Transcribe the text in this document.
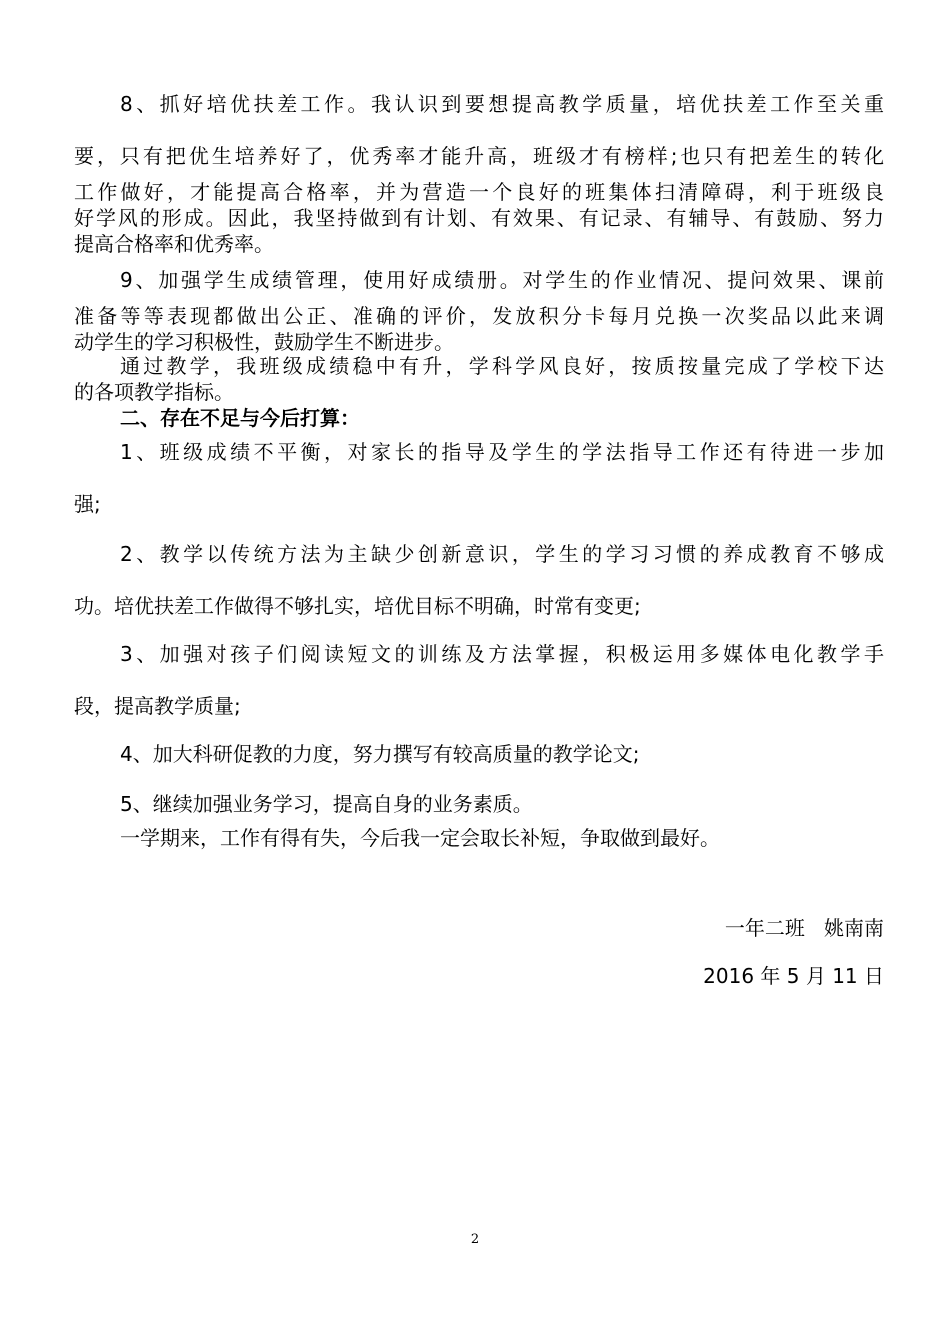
8、抓好培优扶差工作。我认识到要想提高教学质量，培优扶差工作至关重
要，只有把优生培养好了，优秀率才能升高，班级才有榜样;也只有把差生的转化
工作做好，才能提高合格率，并为营造一个良好的班集体扫清障碍，利于班级良
好学风的形成。因此，我坚持做到有计划、有效果、有记录、有辅导、有鼓励、努力
提高合格率和优秀率。
9、加强学生成绩管理，使用好成绩册。对学生的作业情况、提问效果、课前
准备等等表现都做出公正、准确的评价，发放积分卡每月兑换一次奖品以此来调
动学生的学习积极性，鼓励学生不断进步。
通过教学，我班级成绩稳中有升，学科学风良好，按质按量完成了学校下达
的各项教学指标。
二、存在不足与今后打算：
1、班级成绩不平衡，对家长的指导及学生的学法指导工作还有待进一步加
强;
2、教学以传统方法为主缺少创新意识，学生的学习习惯的养成教育不够成
功。培优扶差工作做得不够扎实，培优目标不明确，时常有变更;
3、加强对孩子们阅读短文的训练及方法掌握，积极运用多媒体电化教学手
段，提高教学质量;
4、加大科研促教的力度，努力撰写有较高质量的教学论文;
5、继续加强业务学习，提高自身的业务素质。
一学期来，工作有得有失，今后我一定会取长补短，争取做到最好。
一年二班   姚南南
2016 年 5 月 11 日
2
